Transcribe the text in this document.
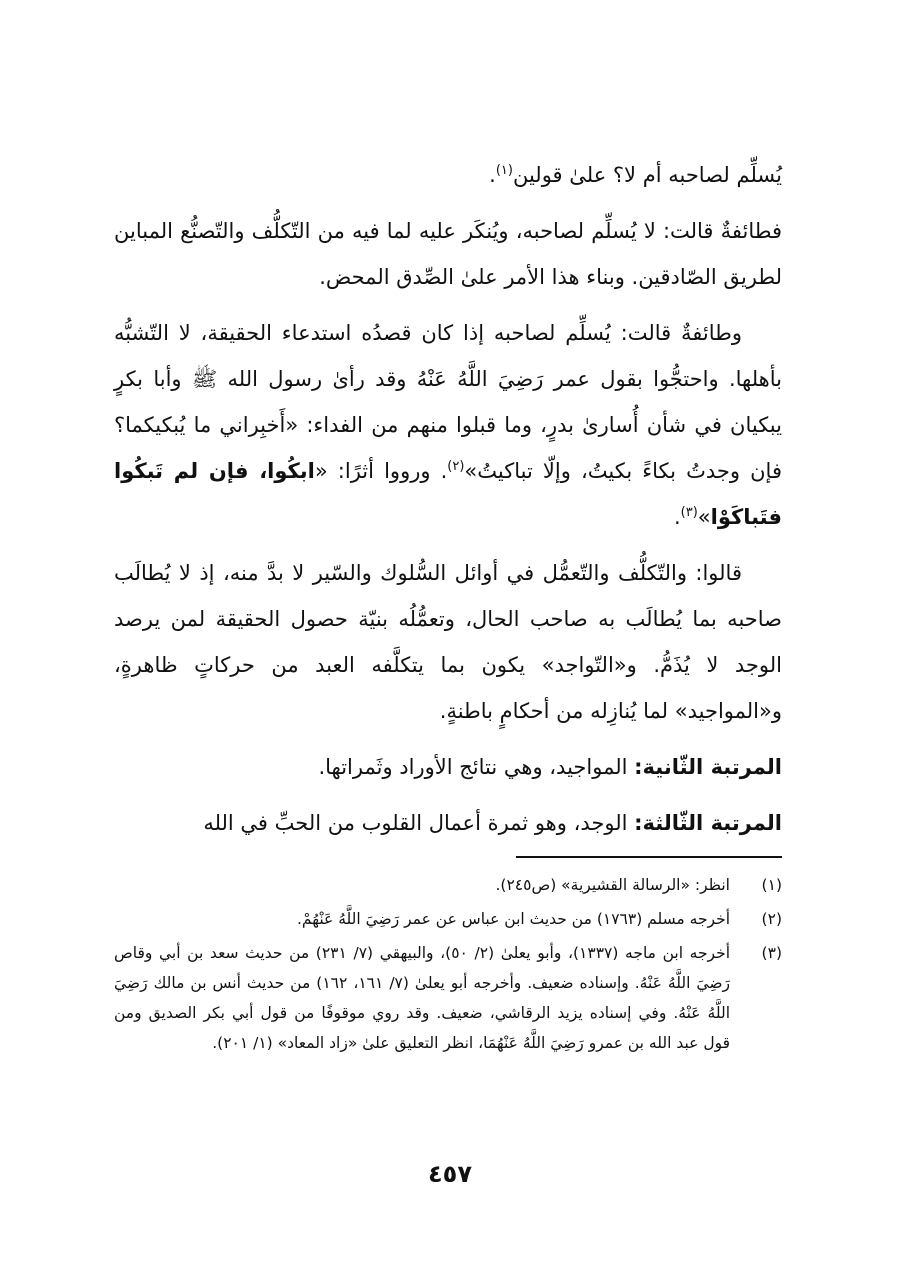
يُسلِّم لصاحبه أم لا؟ علىٰ قولين$^{(١)}$.

فطائفةٌ قالت: لا يُسلِّم لصاحبه، ويُنكَر عليه لما فيه من التّكلُّف والتّصنُّع المباين لطريق الصّادقين. وبناء هذا الأمر علىٰ الصِّدق المحض.

وطائفةٌ قالت: يُسلِّم لصاحبه إذا كان قصدُه استدعاء الحقيقة، لا التّشبُّه بأهلها. واحتجُّوا بقول عمر رَضِيَ اللَّهُ عَنْهُ وقد رأىٰ رسول الله ﷺ وأبا بكرٍ يبكيان في شأن أُسارىٰ بدرٍ، وما قبلوا منهم من الفداء: «أَخبِراني ما يُبكيكما؟ فإن وجدتُ بكاءً بكيتُ، وإلّا تباكيتُ»$^{(٢)}$. ورووا أثرًا: «ابكُوا، فإن لم تَبكُوا فتَباكَوْا»$^{(٣)}$.

قالوا: والتّكلُّف والتّعمُّل في أوائل السُّلوك والسّير لا بدَّ منه، إذ لا يُطالَب صاحبه بما يُطالَب به صاحب الحال، وتعمُّلُه بنيّة حصول الحقيقة لمن يرصد الوجد لا يُذَمُّ. و«التّواجد» يكون بما يتكلَّفه العبد من حركاتٍ ظاهرةٍ، و«المواجيد» لما يُنازِله من أحكامٍ باطنةٍ.

المرتبة الثّانية: المواجيد، وهي نتائج الأوراد وثَمراتها.

المرتبة الثّالثة: الوجد، وهو ثمرة أعمال القلوب من الحبِّ في الله

(١)
انظر: «الرسالة القشيرية» (ص٢٤٥).
(٢)
أخرجه مسلم (١٧٦٣) من حديث ابن عباس عن عمر رَضِيَ اللَّهُ عَنْهُمْ.
(٣)
أخرجه ابن ماجه (١٣٣٧)، وأبو يعلىٰ (٢/ ٥٠)، والبيهقي (٧/ ٢٣١) من حديث سعد بن أبي وقاص رَضِيَ اللَّهُ عَنْهُ. وإسناده ضعيف. وأخرجه أبو يعلىٰ (٧/ ١٦١، ١٦٢) من حديث أنس بن مالك رَضِيَ اللَّهُ عَنْهُ. وفي إسناده يزيد الرقاشي، ضعيف. وقد روي موقوفًا من قول أبي بكر الصديق ومن قول عبد الله بن عمرو رَضِيَ اللَّهُ عَنْهُمَا، انظر التعليق علىٰ «زاد المعاد» (١/ ٢٠١).
٤٥٧
